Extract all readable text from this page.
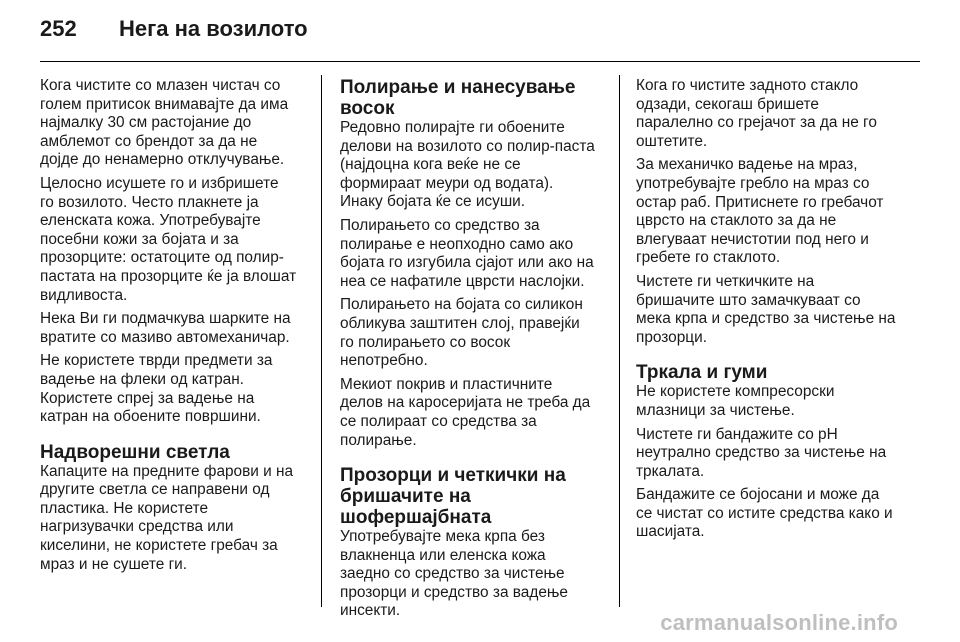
252	Нега на возилото

Кога чистите со млазен чистач со
голем притисок внимавајте да има
најмалку 30 см растојание до
амблемот со брендот за да не
дојде до ненамерно отклучување.

Целосно исушете го и избришете
го возилото. Често плакнете ја
еленската кожа. Употребувајте
посебни кожи за бојата и за
прозорците: остатоците од полир-
пастата на прозорците ќе ја влошат
видливоста.

Нека Ви ги подмачкува шарките на
вратите со мазиво автомеханичар.

Не користете тврди предмети за
вадење на флеки од катран.
Користете спреј за вадење на
катран на обоените површини.

Надворешни светла

Капаците на предните фарови и на
другите светла се направени од
пластика. Не користете
нагризувачки средства или
киселини, не користете гребач за
мраз и не сушете ги.

Полирање и нанесување
восок

Редовно полирајте ги обоените
делови на возилото со полир-паста
(најдоцна кога веќе не се
формираат меури од водата).
Инаку бојата ќе се исуши.

Полирањето со средство за
полирање е неопходно само ако
бојата го изгубила сјајот или ако на
неа се нафатиле цврсти наслојки.

Полирањето на бојата со силикон
обликува заштитен слој, правејќи
го полирањето со восок
непотребно.

Мекиот покрив и пластичните
делов на каросеријата не треба да
се полираат со средства за
полирање.

Прозорци и четкички на
бришачите на
шофершајбната

Употребувајте мека крпа без
влакненца или еленска кожа
заедно со средство за чистење
прозорци и средство за вадење
инсекти.

Кога го чистите задното стакло
одзади, секогаш бришете
паралелно со грејачот за да не го
оштетите.

За механичко вадење на мраз,
употребувајте гребло на мраз со
остар раб. Притиснете го гребачот
цврсто на стаклото за да не
влегуваат нечистотии под него и
гребете го стаклото.

Чистете ги четкичките на
бришачите што замачкуваат со
мека крпа и средство за чистење на
прозорци.

Тркала и гуми

Не користете компресорски
млазници за чистење.

Чистете ги бандажите со pH
неутрално средство за чистење на
тркалата.

Бандажите се бојосани и може да
се чистат со истите средства како и
шасијата.

carmanualsonline.info
